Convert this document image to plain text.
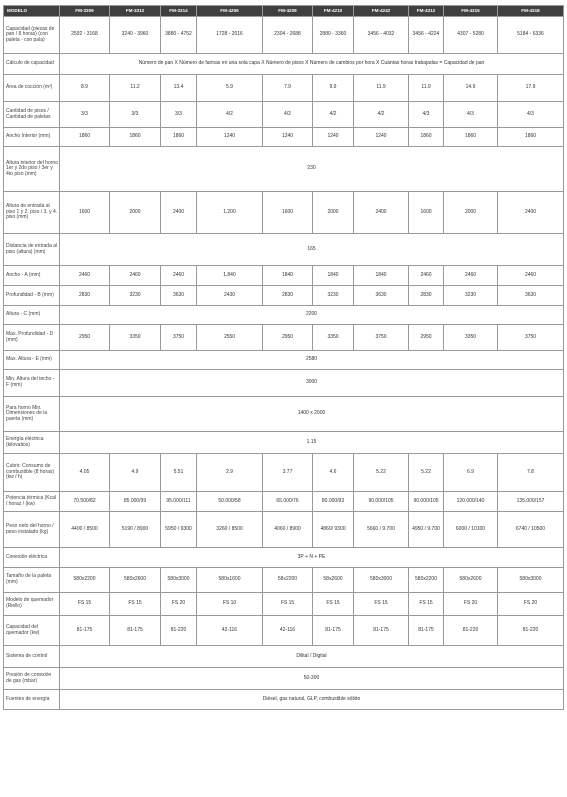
MODELO	FM-3309	FM-3312	FM-3314	FM-4206	FM-4208	FM-4210	FM-4242	FM-4312	FM-4315	FM-4318
Capacidad (piezas de pan / 8 horas) (con paleta - con pala)	2592 - 3168	3240 - 3960	3880 - 4752	1728 - 2016	2304 - 2688	2880 - 3360	3456 - 4032	3456 - 4224	4307 - 5280	5184 - 6336
Cálculo de capacidad	Número de pan X Número de farinas en una sola capa X Número de pisos X Número de cambios por hora X Cuántas horas trabajadas = Capacidad de pan									
Área de cocción (m²)	8.9	11.2	13.4	5.9	7.9	9.9	11.9	11.9	14.9	17.9
Cantidad de pisos / Cantidad de paletas	3/3	3/3	3/3	4/2	4/2	4/2	4/2	4/3	4/3	4/3
Ancho Interior (mm)	1860	1860	1860	1240	1240	1240	1240	1860	1860	1860
Altura interior del horno 1er y 2do piso / 3er y 4to piso (mm)	230									
Altura de entrada al piso 1 y 2. piso / 3. y 4. piso (mm)	1600	2000	2400	1.200	1600	2000	2400	1600	2000	2400
Distancia de entrada al piso (altura) (mm)	165									
Ancho - A (mm)	2460	2460	2460	1.840	1840	1840	1840	2460	2460	2460
Profundidad - B (mm)	2830	3230	3630	2430	2830	3230	3630	2830	3230	3630
Altura - C (mm)	2200									
Max. Profundidad - D (mm)	2950	3350	3750	2550	2950	3350	3750	2950	3350	3750
Max. Altura - E (mm)	2580									
Min. Altura del techo - F (mm)	3000									
Para horno Min. Dimensiones de la puerta (mm)	1400 x 2000									
Energía eléctrica (kilovatios)	1.15									
Cubrir. Consumo de combustible (8 horas) (kw / h)	4.05	4.9	5.51	2.9	3.77	4.6	5.22	5.22	6.9	7.8
Potencia térmica (Kcal / horaz / (kw)	70.500/82	85.000/99	95.000/111	50.000/58	65.000/76	80.000/93	90.000/105	90.000/105	120.000/140	135.000/157
Peso neto del horno / peso instalado (kg)	4400 / 8500	5190 / 8900	5950 / 9300	3260 / 8500	4060 / 8900	4860/ 9300	5660 / 9.700	4950 / 9.700	6000 / 10100	6740 / 10500
Conexión eléctrica	3P + N + PE									
Tamaño de la paleta (mm)	580x2200	580x2600	580x3000	580x1600	58x2200	58x2600	580x3000	580x2200	580x2600	580x3000
Modelo de quemador (Riello)	FS 15	FS 15	FS 20	FS 10	FS 15	FS 15	FS 15	FS 15	FS 20	FS 20
Capacidad del quemador (kw)	81-175	81-175	81-220	42-116	42-116	81-175	81-175	81-175	81-220	81-220
Sistema de control	Dilital / Digital									
Presión de conexión de gas (mbar)	50-300									
Fuentes de energía	Diésel, gas natural, GLP, combustible sólido									
